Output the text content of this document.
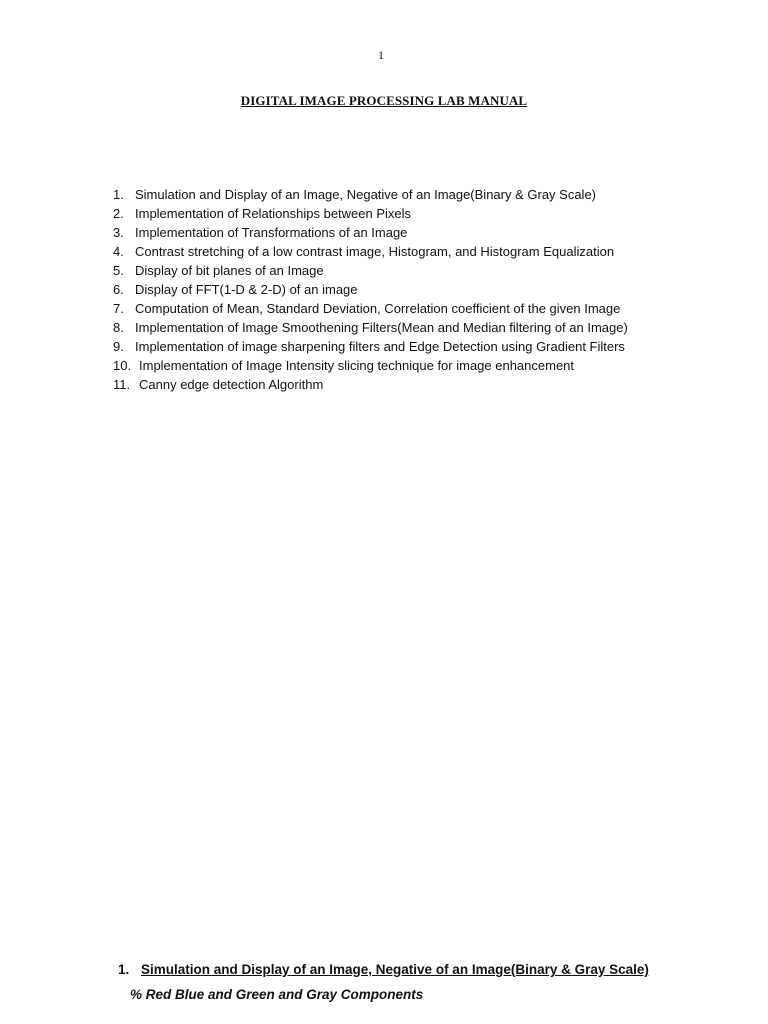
1
DIGITAL IMAGE PROCESSING LAB MANUAL
1. Simulation and Display of an Image, Negative of an Image(Binary & Gray Scale)
2. Implementation of Relationships between Pixels
3. Implementation of Transformations of an Image
4. Contrast stretching of a low contrast image, Histogram, and Histogram Equalization
5. Display of bit planes of an Image
6. Display of FFT(1-D & 2-D) of an image
7. Computation of Mean, Standard Deviation, Correlation coefficient of the given Image
8. Implementation of Image Smoothening Filters(Mean and Median filtering of an Image)
9. Implementation of image sharpening filters and Edge Detection using Gradient Filters
10. Implementation of Image Intensity slicing technique for image enhancement
11. Canny edge detection Algorithm
1. Simulation and Display of an Image, Negative of an Image(Binary & Gray Scale)
% Red Blue and Green and Gray Components
